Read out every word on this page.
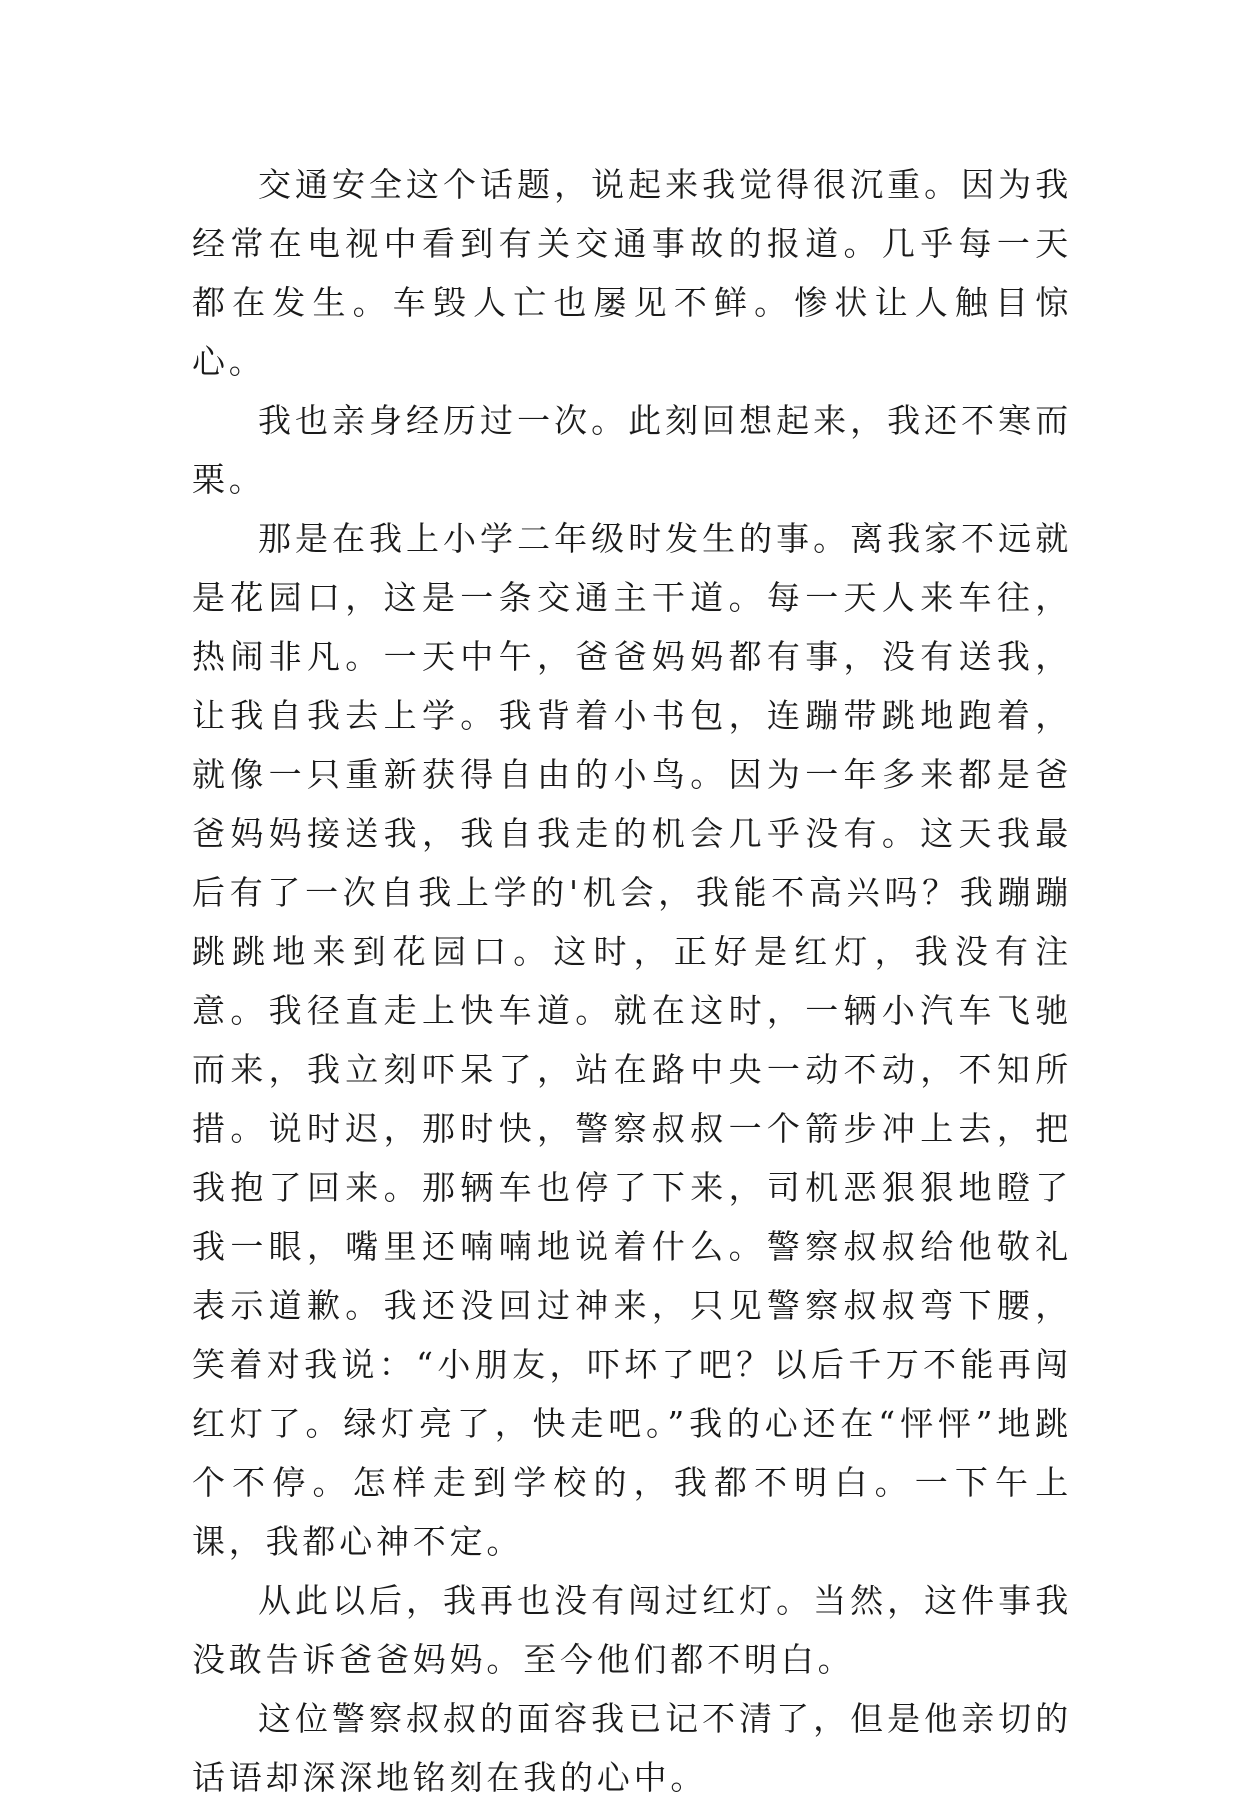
交通安全这个话题，说起来我觉得很沉重。因为我经常在电视中看到有关交通事故的报道。几乎每一天都在发生。车毁人亡也屡见不鲜。惨状让人触目惊心。

我也亲身经历过一次。此刻回想起来，我还不寒而栗。

那是在我上小学二年级时发生的事。离我家不远就是花园口，这是一条交通主干道。每一天人来车往，热闹非凡。一天中午，爸爸妈妈都有事，没有送我，让我自我去上学。我背着小书包，连蹦带跳地跑着，就像一只重新获得自由的小鸟。因为一年多来都是爸爸妈妈接送我，我自我走的机会几乎没有。这天我最后有了一次自我上学的'机会，我能不高兴吗？我蹦蹦跳跳地来到花园口。这时，正好是红灯，我没有注意。我径直走上快车道。就在这时，一辆小汽车飞驰而来，我立刻吓呆了，站在路中央一动不动，不知所措。说时迟，那时快，警察叔叔一个箭步冲上去，把我抱了回来。那辆车也停了下来，司机恶狠狠地瞪了我一眼，嘴里还喃喃地说着什么。警察叔叔给他敬礼表示道歉。我还没回过神来，只见警察叔叔弯下腰，笑着对我说：“小朋友，吓坏了吧？以后千万不能再闯红灯了。绿灯亮了，快走吧。”我的心还在“怦怦”地跳个不停。怎样走到学校的，我都不明白。一下午上课，我都心神不定。

从此以后，我再也没有闯过红灯。当然，这件事我没敢告诉爸爸妈妈。至今他们都不明白。

这位警察叔叔的面容我已记不清了，但是他亲切的话语却深深地铭刻在我的心中。
